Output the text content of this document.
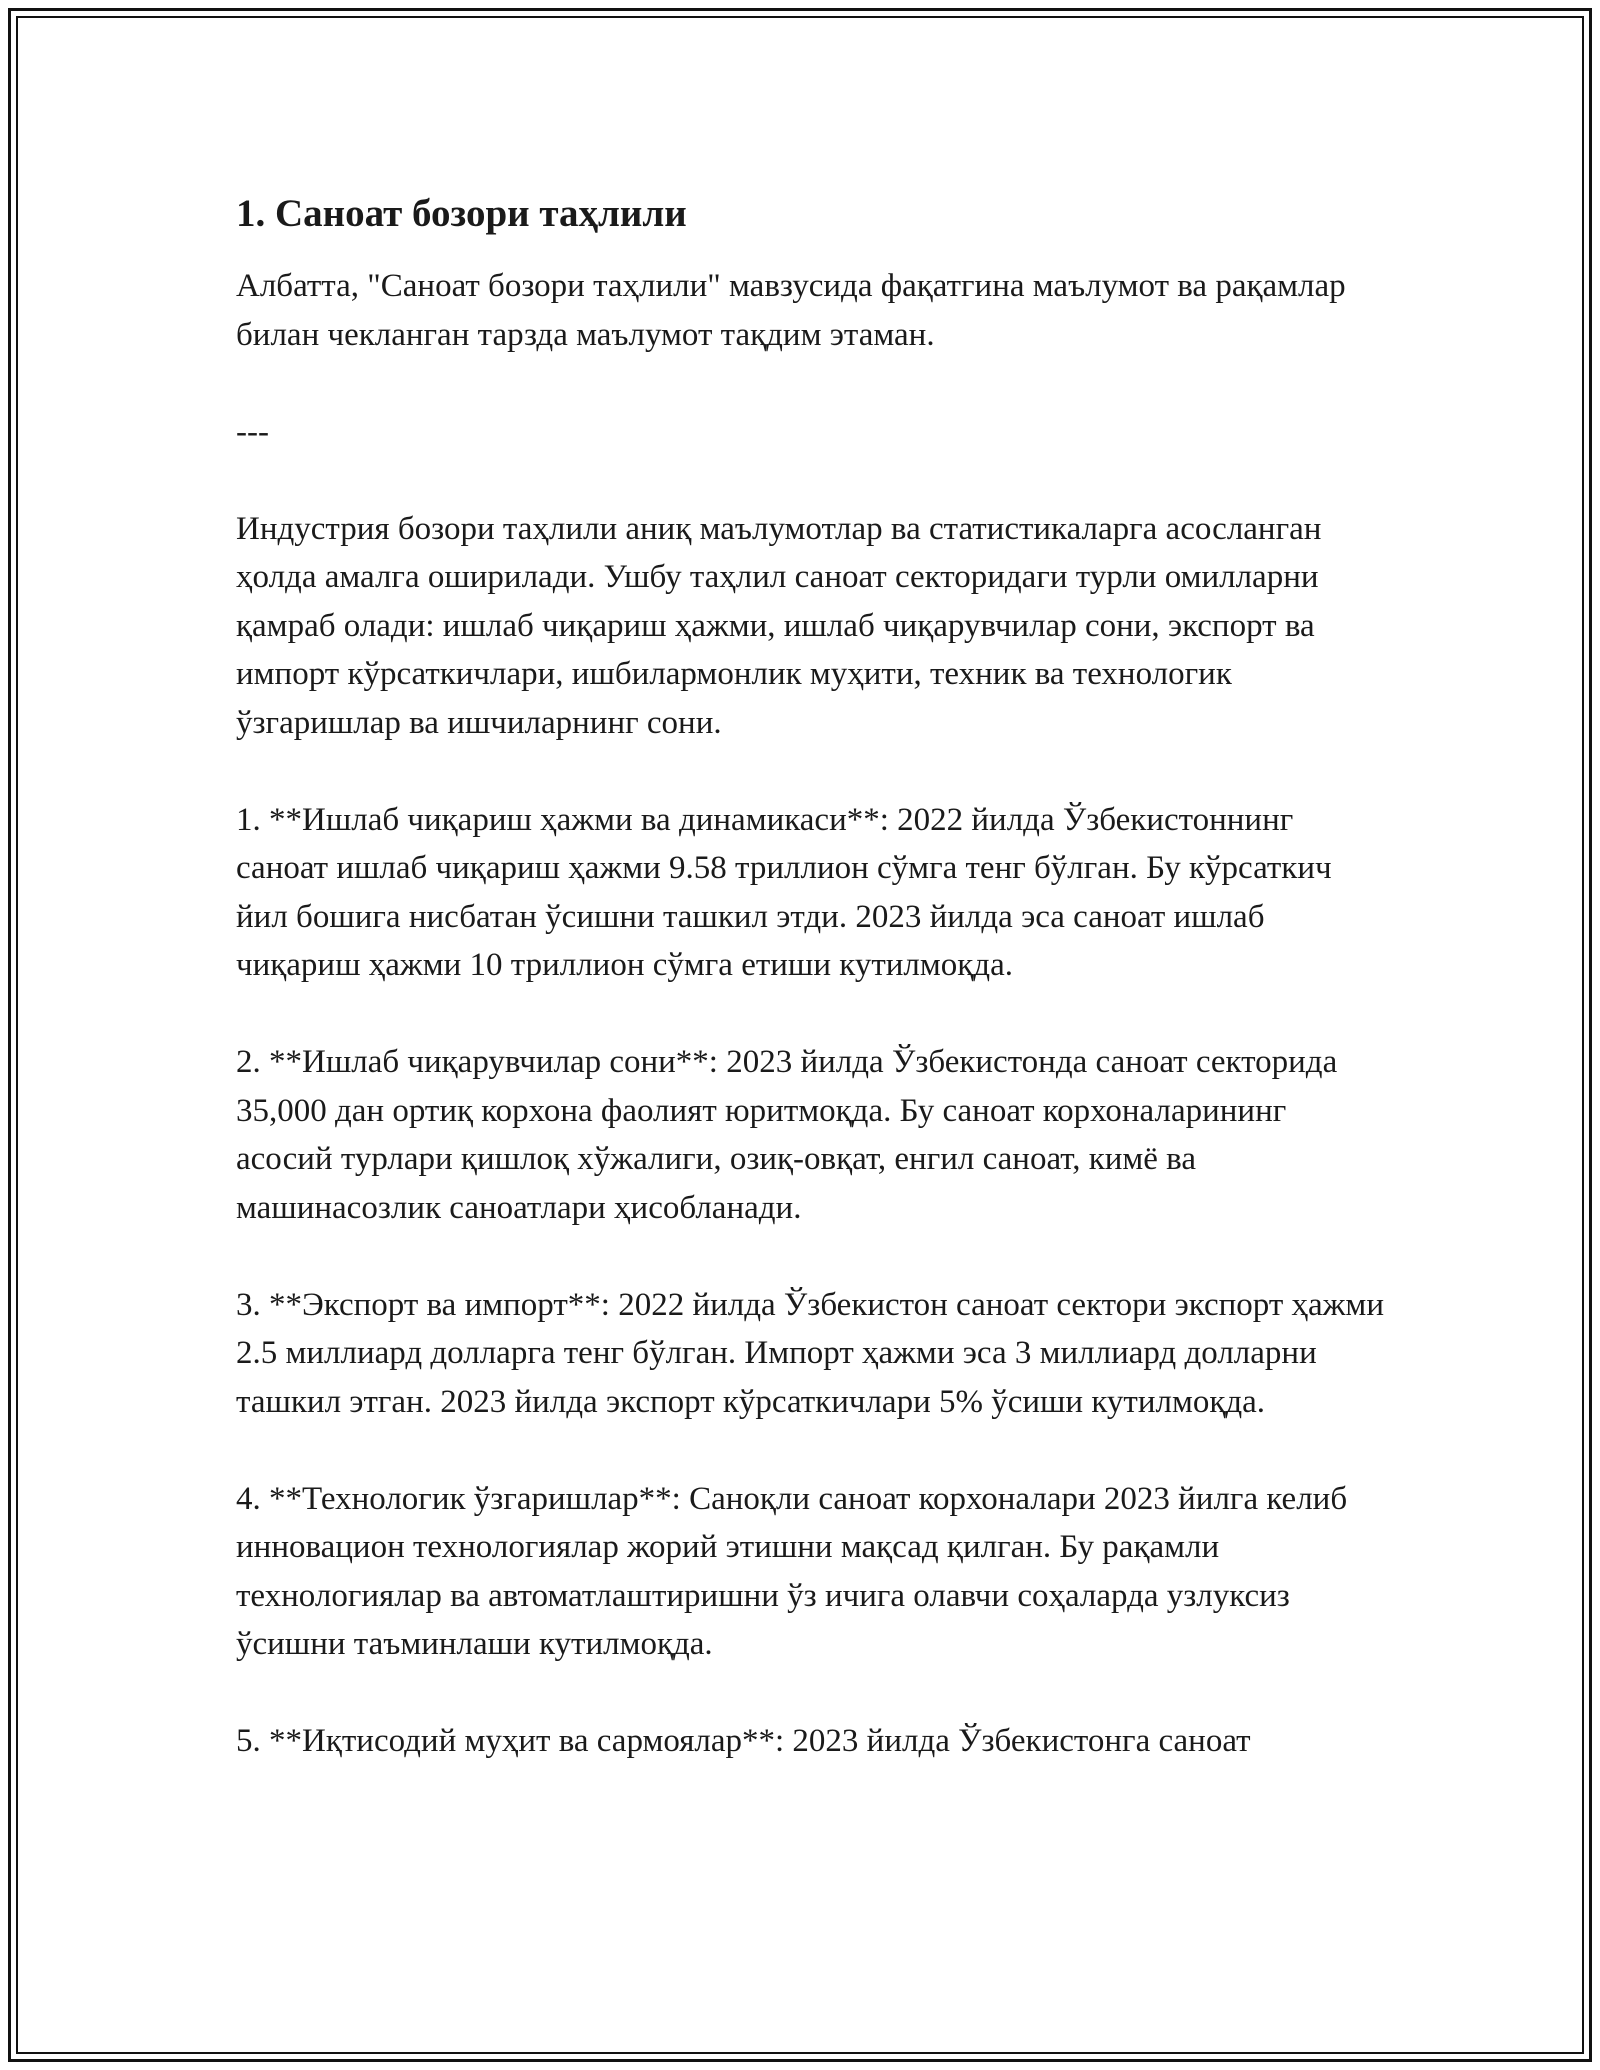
1. Саноат бозори таҳлили

Албатта, "Саноат бозори таҳлили" мавзусида фақатгина маълумот ва рақамлар билан чекланган тарзда маълумот тақдим этаман.

---

Индустрия бозори таҳлили аниқ маълумотлар ва статистикаларга асосланган ҳолда амалга оширилади. Ушбу таҳлил саноат секторидаги турли омилларни қамраб олади: ишлаб чиқариш ҳажми, ишлаб чиқарувчилар сони, экспорт ва импорт кўрсаткичлари, ишбилармонлик муҳити, техник ва технологик ўзгаришлар ва ишчиларнинг сони.

1. **Ишлаб чиқариш ҳажми ва динамикаси**: 2022 йилда Ўзбекистоннинг саноат ишлаб чиқариш ҳажми 9.58 триллион сўмга тенг бўлган. Бу кўрсаткич йил бошига нисбатан ўсишни ташкил этди. 2023 йилда эса саноат ишлаб чиқариш ҳажми 10 триллион сўмга етиши кутилмоқда.

2. **Ишлаб чиқарувчилар сони**: 2023 йилда Ўзбекистонда саноат секторида 35,000 дан ортиқ корхона фаолият юритмоқда. Бу саноат корхоналарининг асосий турлари қишлоқ хўжалиги, озиқ-овқат, енгил саноат, кимё ва машинасозлик саноатлари ҳисобланади.

3. **Экспорт ва импорт**: 2022 йилда Ўзбекистон саноат сектори экспорт ҳажми 2.5 миллиард долларга тенг бўлган. Импорт ҳажми эса 3 миллиард долларни ташкил этган. 2023 йилда экспорт кўрсаткичлари 5% ўсиши кутилмоқда.

4. **Технологик ўзгаришлар**: Саноқли саноат корхоналари 2023 йилга келиб инновацион технологиялар жорий этишни мақсад қилган. Бу рақамли технологиялар ва автоматлаштиришни ўз ичига олавчи соҳаларда узлуксиз ўсишни таъминлаши кутилмоқда.

5. **Иқтисодий муҳит ва сармоялар**: 2023 йилда Ўзбекистонга саноат
